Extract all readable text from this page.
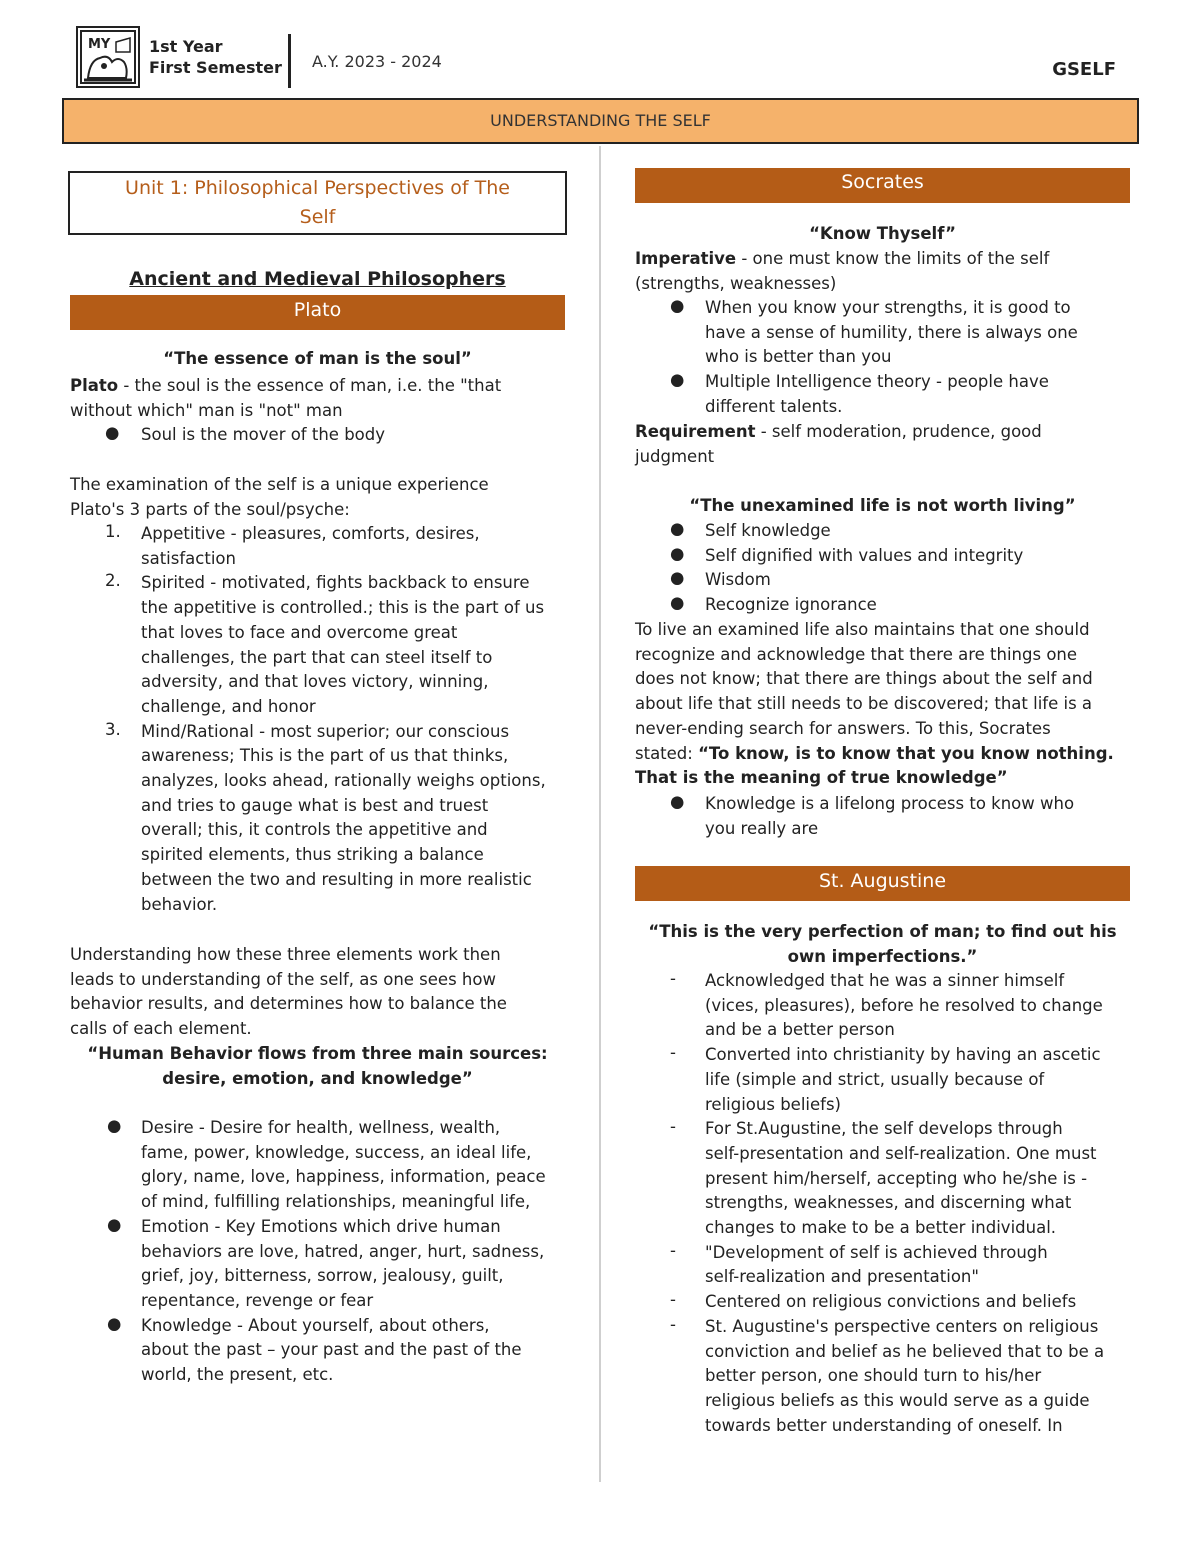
MY 1st Year
First Semester A.Y. 2023 - 2024	GSELF
UNDERSTANDING THE SELF
Unit 1: Philosophical Perspectives of The
Self
Ancient and Medieval Philosophers
Plato
“The essence of man is the soul”
Plato - the soul is the essence of man, i.e. the "that
without which" man is "not" man
● Soul is the mover of the body
The examination of the self is a unique experience
Plato's 3 parts of the soul/psyche:
1. Appetitive - pleasures, comforts, desires,
satisfaction
2. Spirited - motivated, fights backback to ensure
the appetitive is controlled.; this is the part of us
that loves to face and overcome great
challenges, the part that can steel itself to
adversity, and that loves victory, winning,
challenge, and honor
3. Mind/Rational - most superior; our conscious
awareness; This is the part of us that thinks,
analyzes, looks ahead, rationally weighs options,
and tries to gauge what is best and truest
overall; this, it controls the appetitive and
spirited elements, thus striking a balance
between the two and resulting in more realistic
behavior.
Understanding how these three elements work then
leads to understanding of the self, as one sees how
behavior results, and determines how to balance the
calls of each element.
“Human Behavior flows from three main sources:
desire, emotion, and knowledge”
● Desire - Desire for health, wellness, wealth,
fame, power, knowledge, success, an ideal life,
glory, name, love, happiness, information, peace
of mind, fulfilling relationships, meaningful life,
● Emotion - Key Emotions which drive human
behaviors are love, hatred, anger, hurt, sadness,
grief, joy, bitterness, sorrow, jealousy, guilt,
repentance, revenge or fear
● Knowledge - About yourself, about others,
about the past – your past and the past of the
world, the present, etc.
Socrates
“Know Thyself”
Imperative - one must know the limits of the self
(strengths, weaknesses)
● When you know your strengths, it is good to
have a sense of humility, there is always one
who is better than you
● Multiple Intelligence theory - people have
different talents.
Requirement - self moderation, prudence, good
judgment
“The unexamined life is not worth living”
● Self knowledge
● Self dignified with values and integrity
● Wisdom
● Recognize ignorance
To live an examined life also maintains that one should
recognize and acknowledge that there are things one
does not know; that there are things about the self and
about life that still needs to be discovered; that life is a
never-ending search for answers. To this, Socrates
stated: “To know, is to know that you know nothing.
That is the meaning of true knowledge”
● Knowledge is a lifelong process to know who
you really are
St. Augustine
“This is the very perfection of man; to find out his
own imperfections.”
- Acknowledged that he was a sinner himself
(vices, pleasures), before he resolved to change
and be a better person
- Converted into christianity by having an ascetic
life (simple and strict, usually because of
religious beliefs)
- For St.Augustine, the self develops through
self-presentation and self-realization. One must
present him/herself, accepting who he/she is -
strengths, weaknesses, and discerning what
changes to make to be a better individual.
- "Development of self is achieved through
self-realization and presentation"
- Centered on religious convictions and beliefs
- St. Augustine's perspective centers on religious
conviction and belief as he believed that to be a
better person, one should turn to his/her
religious beliefs as this would serve as a guide
towards better understanding of oneself. In
